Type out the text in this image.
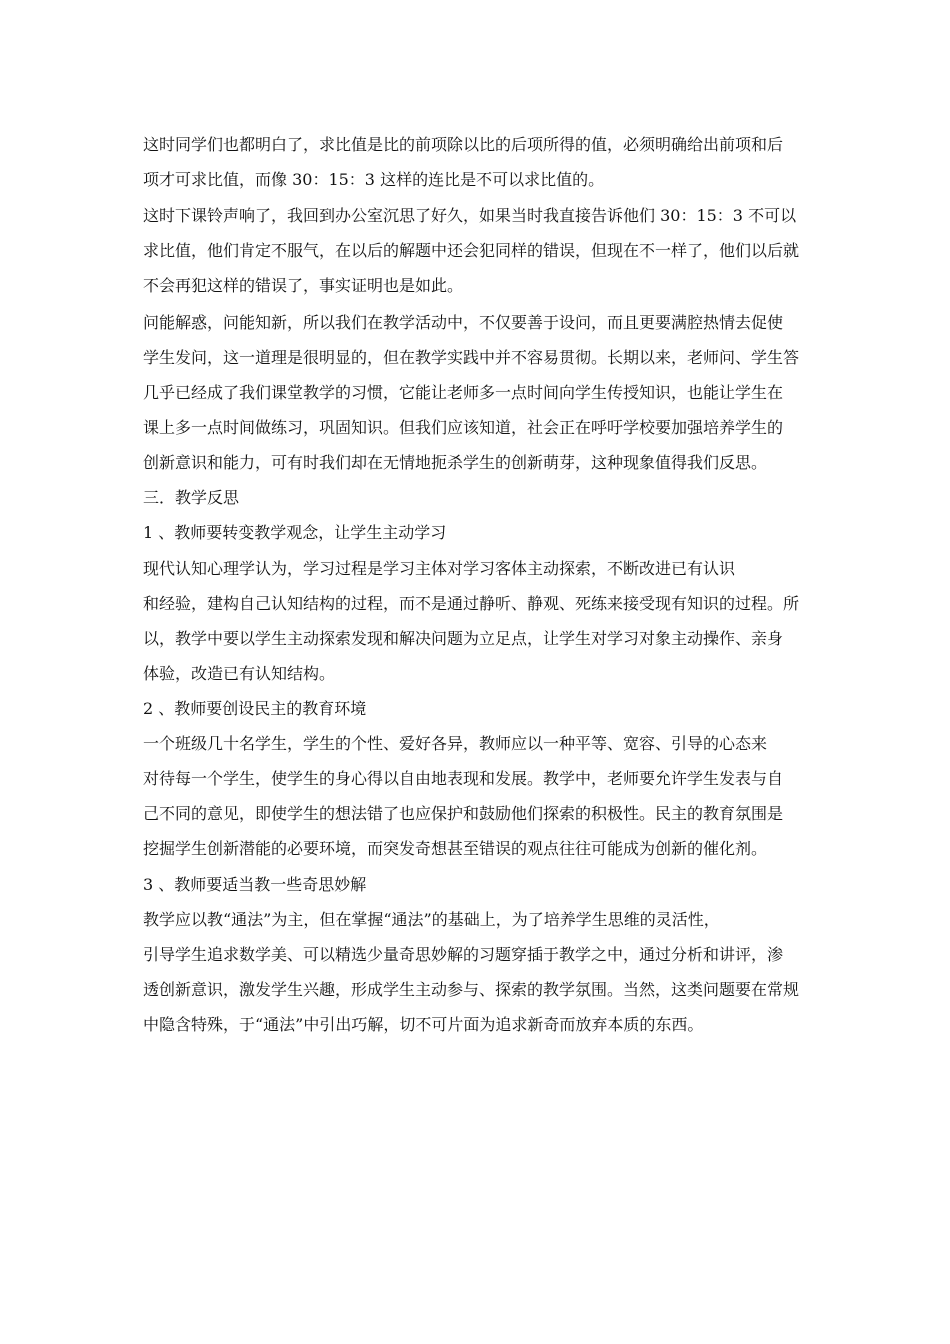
这时同学们也都明白了，求比值是比的前项除以比的后项所得的值，必须明确给出前项和后
项才可求比值，而像 30：15：3 这样的连比是不可以求比值的。
这时下课铃声响了，我回到办公室沉思了好久，如果当时我直接告诉他们 30：15：3 不可以
求比值，他们肯定不服气，在以后的解题中还会犯同样的错误，但现在不一样了，他们以后就
不会再犯这样的错误了，事实证明也是如此。
问能解惑，问能知新，所以我们在教学活动中，不仅要善于设问，而且更要满腔热情去促使
学生发问，这一道理是很明显的，但在教学实践中并不容易贯彻。长期以来，老师问、学生答
几乎已经成了我们课堂教学的习惯，它能让老师多一点时间向学生传授知识，也能让学生在
课上多一点时间做练习，巩固知识。但我们应该知道，社会正在呼吁学校要加强培养学生的
创新意识和能力，可有时我们却在无情地扼杀学生的创新萌芽，这种现象值得我们反思。
三．教学反思
1 、教师要转变教学观念，让学生主动学习
现代认知心理学认为，学习过程是学习主体对学习客体主动探索，不断改进已有认识
和经验，建构自己认知结构的过程，而不是通过静听、静观、死练来接受现有知识的过程。所
以，教学中要以学生主动探索发现和解决问题为立足点，让学生对学习对象主动操作、亲身
体验，改造已有认知结构。
2 、教师要创设民主的教育环境
一个班级几十名学生，学生的个性、爱好各异，教师应以一种平等、宽容、引导的心态来
对待每一个学生，使学生的身心得以自由地表现和发展。教学中，老师要允许学生发表与自
己不同的意见，即使学生的想法错了也应保护和鼓励他们探索的积极性。民主的教育氛围是
挖掘学生创新潜能的必要环境，而突发奇想甚至错误的观点往往可能成为创新的催化剂。
3 、教师要适当教一些奇思妙解
教学应以教“通法”为主，但在掌握“通法”的基础上，为了培养学生思维的灵活性，
引导学生追求数学美、可以精选少量奇思妙解的习题穿插于教学之中，通过分析和讲评，渗
透创新意识，激发学生兴趣，形成学生主动参与、探索的教学氛围。当然，这类问题要在常规
中隐含特殊，于“通法”中引出巧解，切不可片面为追求新奇而放弃本质的东西。
